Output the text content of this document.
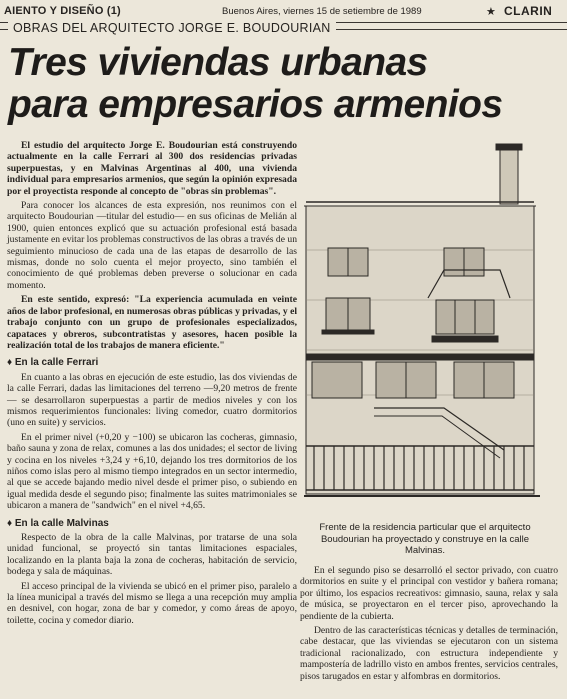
AIENTO Y DISEÑO (1)	Buenos Aires, viernes 15 de setiembre de 1989	★ CLARIN
OBRAS DEL ARQUITECTO JORGE E. BOUDOURIAN
Tres viviendas urbanas
para empresarios armenios

El estudio del arquitecto Jorge E. Boudourian está construyendo actualmente en la calle Ferrari al 300 dos residencias privadas superpuestas, y en Malvinas Argentinas al 400, una vivienda individual para empresarios armenios, que según la opinión expresada por el proyectista responde al concepto de "obras sin problemas".

Para conocer los alcances de esta expresión, nos reunimos con el arquitecto Boudourian —titular del estudio— en sus oficinas de Melián al 1900, quien entonces explicó que su actuación profesional está basada justamente en evitar los problemas constructivos de las obras a través de un seguimiento minucioso de cada una de las etapas de desarrollo de las mismas, donde no solo cuenta el mejor proyecto, sino también el conocimiento de qué problemas deben preverse o solucionar en cada momento.

En este sentido, expresó: "La experiencia acumulada en veinte años de labor profesional, en numerosas obras públicas y privadas, y el trabajo conjunto con un grupo de profesionales especializados, capataces y obreros, subcontratistas y asesores, hacen posible la realización total de los trabajos de manera eficiente."

♦ En la calle Ferrari

En cuanto a las obras en ejecución de este estudio, las dos viviendas de la calle Ferrari, dadas las limitaciones del terreno —9,20 metros de frente— se desarrollaron superpuestas a partir de medios niveles y con los mismos requerimientos funcionales: living comedor, cuatro dormitorios (uno en suite) y servicios.

En el primer nivel (+0,20 y −100) se ubicaron las cocheras, gimnasio, baño sauna y zona de relax, comunes a las dos unidades; el sector de living y cocina en los niveles +3,24 y +6,10, dejando los tres dormitorios de los niños como islas pero al mismo tiempo integrados en un sector intermedio, al que se accede bajando medio nivel desde el primer piso, o subiendo en igual medida desde el segundo piso; finalmente las suites matrimoniales se ubicaron a manera de "sandwich" en el nivel +4,65.

♦ En la calle Malvinas

Respecto de la obra de la calle Malvinas, por tratarse de una sola unidad funcional, se proyectó sin tantas limitaciones espaciales, localizando en la planta baja la zona de cocheras, habitación de servicio, bodega y sala de máquinas.

El acceso principal de la vivienda se ubicó en el primer piso, paralelo a la línea municipal a través del mismo se llega a una recepción muy amplia en desnivel, con hogar, zona de bar y comedor, y como áreas de apoyo, toilette, cocina y comedor diario.

Frente de la residencia particular que el arquitecto Boudourian ha proyectado y construye en la calle Malvinas.

En el segundo piso se desarrolló el sector privado, con cuatro dormitorios en suite y el principal con vestidor y bañera romana; por último, los espacios recreativos: gimnasio, sauna, relax y sala de música, se proyectaron en el tercer piso, aprovechando la pendiente de la cubierta.

Dentro de las características técnicas y detalles de terminación, cabe destacar, que las viviendas se ejecutaron con un sistema tradicional racionalizado, con estructura independiente y mampostería de ladrillo visto en ambos frentes, servicios centrales, pisos tarugados en estar y alfombras en dormitorios.
